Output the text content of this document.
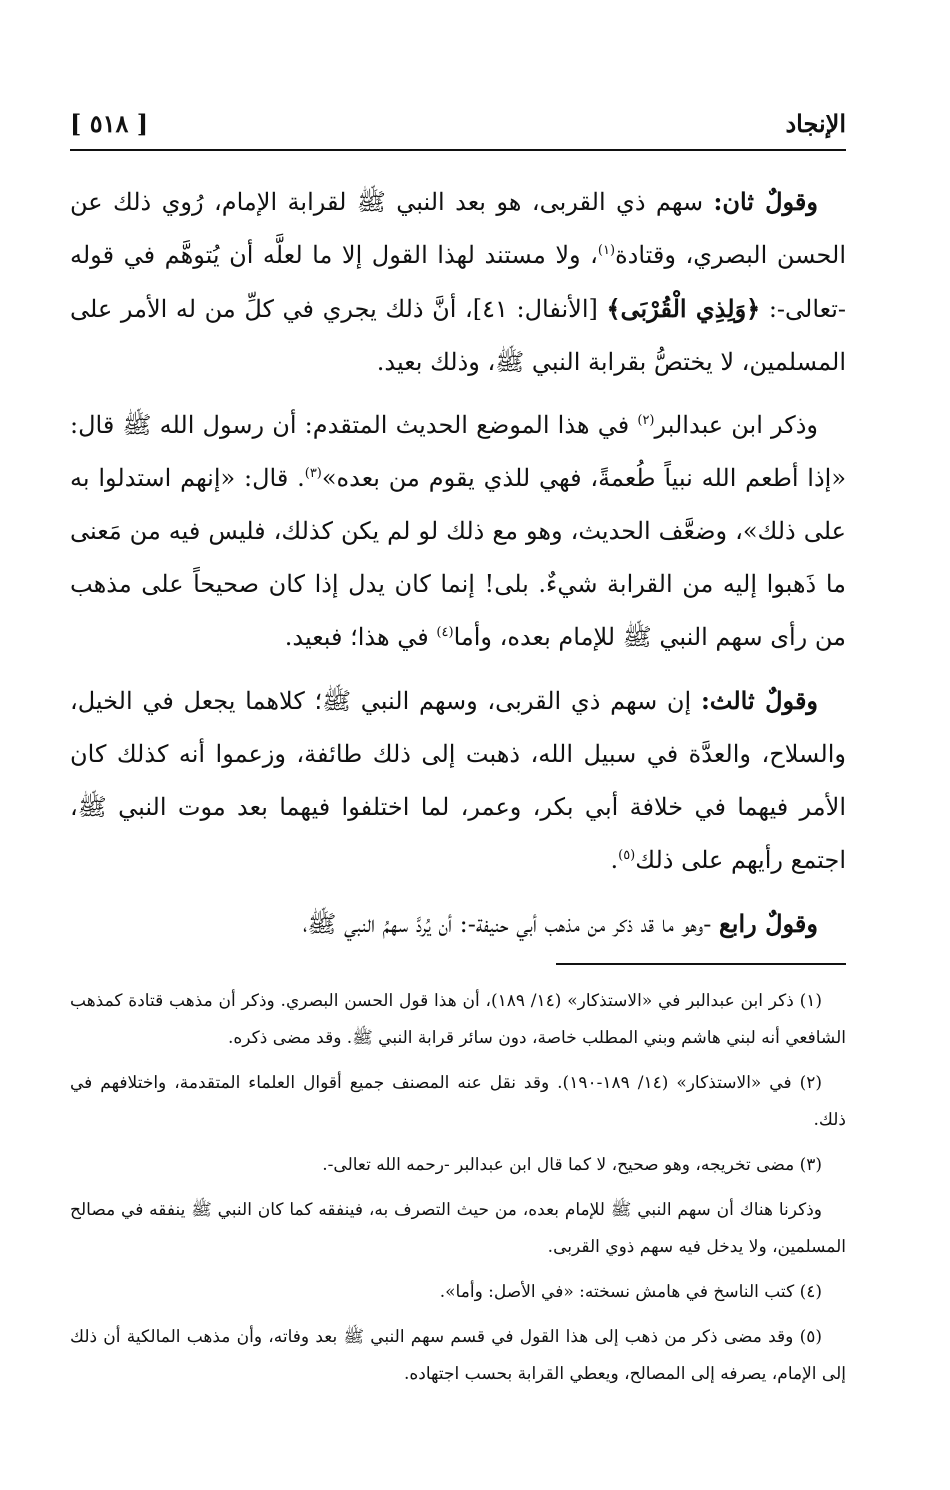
الإنجاد
[ ٥١٨ ]

وقولٌ ثان: سهم ذي القربى، هو بعد النبي ﷺ لقرابة الإمام، رُوي ذلك عن الحسن البصري، وقتادة$^{(١)}$، ولا مستند لهذا القول إلا ما لعلَّه أن يُتوهَّم في قوله -تعالى-: ﴿وَلِذِي الْقُرْبَى﴾ [الأنفال: ٤١]، أنَّ ذلك يجري في كلِّ من له الأمر على المسلمين، لا يختصُّ بقرابة النبي ﷺ، وذلك بعيد.

وذكر ابن عبدالبر$^{(٢)}$ في هذا الموضع الحديث المتقدم: أن رسول الله ﷺ قال: «إذا أطعم الله نبياً طُعمةً، فهي للذي يقوم من بعده»$^{(٣)}$. قال: «إنهم استدلوا به على ذلك»، وضعَّف الحديث، وهو مع ذلك لو لم يكن كذلك، فليس فيه من مَعنى ما ذَهبوا إليه من القرابة شيءٌ. بلى! إنما كان يدل إذا كان صحيحاً على مذهب من رأى سهم النبي ﷺ للإمام بعده، وأما$^{(٤)}$ في هذا؛ فبعيد.

وقولٌ ثالث: إن سهم ذي القربى، وسهم النبي ﷺ؛ كلاهما يجعل في الخيل، والسلاح، والعدَّة في سبيل الله، ذهبت إلى ذلك طائفة، وزعموا أنه كذلك كان الأمر فيهما في خلافة أبي بكر، وعمر، لما اختلفوا فيهما بعد موت النبي ﷺ، اجتمع رأيهم على ذلك$^{(٥)}$.

وقولٌ رابع -وهو ما قد ذكر من مذهب أبي حنيفة-: أن يُردَّ سهمُ النبي ﷺ،

(١) ذكر ابن عبدالبر في «الاستذكار» (١٤/ ١٨٩)، أن هذا قول الحسن البصري. وذكر أن مذهب قتادة كمذهب الشافعي أنه لبني هاشم وبني المطلب خاصة، دون سائر قرابة النبي ﷺ. وقد مضى ذكره.

(٢) في «الاستذكار» (١٤/ ١٨٩-١٩٠). وقد نقل عنه المصنف جميع أقوال العلماء المتقدمة، واختلافهم في ذلك.

(٣) مضى تخريجه، وهو صحيح، لا كما قال ابن عبدالبر -رحمه الله تعالى-.

وذكرنا هناك أن سهم النبي ﷺ للإمام بعده، من حيث التصرف به، فينفقه كما كان النبي ﷺ ينفقه في مصالح المسلمين، ولا يدخل فيه سهم ذوي القربى.

(٤) كتب الناسخ في هامش نسخته: «في الأصل: وأما».

(٥) وقد مضى ذكر من ذهب إلى هذا القول في قسم سهم النبي ﷺ بعد وفاته، وأن مذهب المالكية أن ذلك إلى الإمام، يصرفه إلى المصالح، ويعطي القرابة بحسب اجتهاده.
